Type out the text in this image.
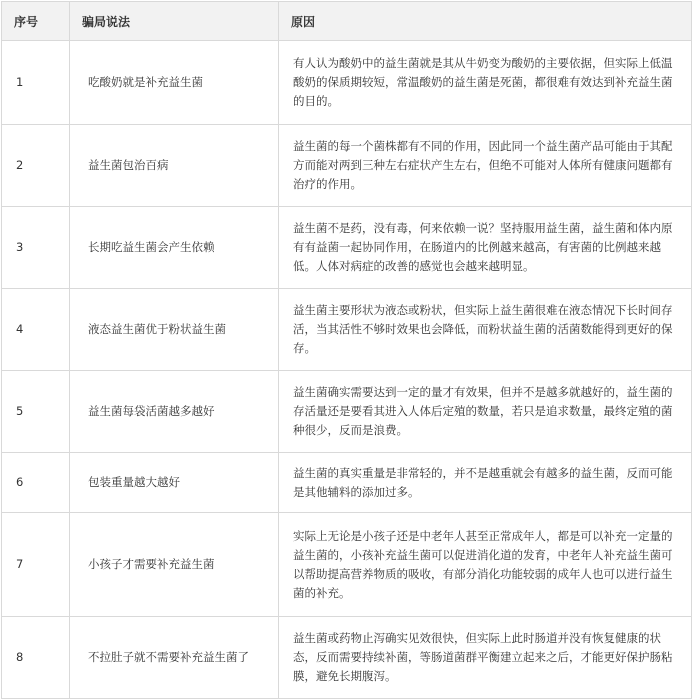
序号	骗局说法	原因
1	吃酸奶就是补充益生菌	有人认为酸奶中的益生菌就是其从牛奶变为酸奶的主要依据，但实际上低温酸奶的保质期较短，常温酸奶的益生菌是死菌，都很难有效达到补充益生菌的目的。
2	益生菌包治百病	益生菌的每一个菌株都有不同的作用，因此同一个益生菌产品可能由于其配方而能对两到三种左右症状产生左右，但绝不可能对人体所有健康问题都有治疗的作用。
3	长期吃益生菌会产生依赖	益生菌不是药，没有毒，何来依赖一说？坚持服用益生菌，益生菌和体内原有有益菌一起协同作用，在肠道内的比例越来越高，有害菌的比例越来越低。人体对病症的改善的感觉也会越来越明显。
4	液态益生菌优于粉状益生菌	益生菌主要形状为液态或粉状，但实际上益生菌很难在液态情况下长时间存活，当其活性不够时效果也会降低，而粉状益生菌的活菌数能得到更好的保存。
5	益生菌每袋活菌越多越好	益生菌确实需要达到一定的量才有效果，但并不是越多就越好的，益生菌的存活量还是要看其进入人体后定殖的数量，若只是追求数量，最终定殖的菌种很少，反而是浪费。
6	包装重量越大越好	益生菌的真实重量是非常轻的，并不是越重就会有越多的益生菌，反而可能是其他辅料的添加过多。
7	小孩子才需要补充益生菌	实际上无论是小孩子还是中老年人甚至正常成年人，都是可以补充一定量的益生菌的，小孩补充益生菌可以促进消化道的发育，中老年人补充益生菌可以帮助提高营养物质的吸收，有部分消化功能较弱的成年人也可以进行益生菌的补充。
8	不拉肚子就不需要补充益生菌了	益生菌或药物止泻确实见效很快，但实际上此时肠道并没有恢复健康的状态，反而需要持续补菌，等肠道菌群平衡建立起来之后，才能更好保护肠粘膜，避免长期腹泻。
